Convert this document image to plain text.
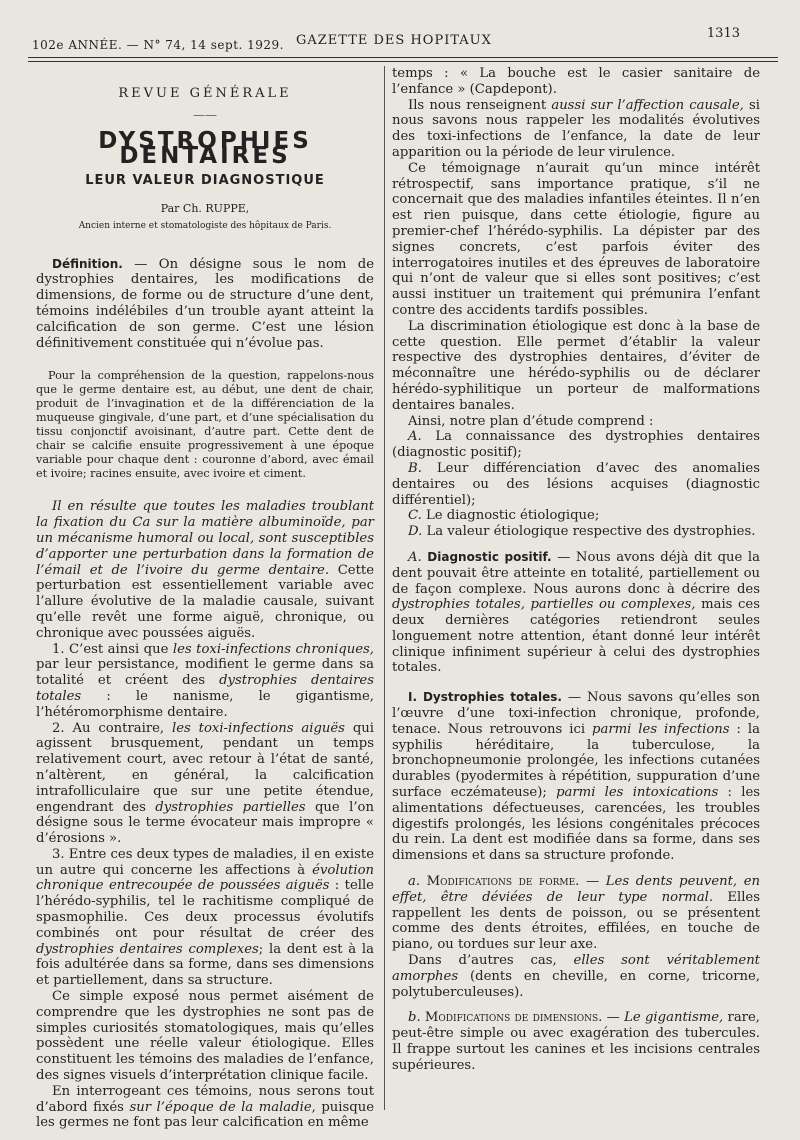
102e ANNÉE. — N° 74, 14 sept. 1929. GAZETTE DES HOPITAUX	1313
REVUE GÉNÉRALE
——
DYSTROPHIES DENTAIRES
LEUR VALEUR DIAGNOSTIQUE
Par Ch. RUPPE,
Ancien interne et stomatologiste des hôpitaux de Paris.

Définition. — On désigne sous le nom de dystrophies dentaires, les modifications de dimensions, de forme ou de structure d’une dent, témoins indélébiles d’un trouble ayant atteint la calcification de son germe. C’est une lésion définitivement constituée qui n’évolue pas.

Pour la compréhension de la question, rappelons-nous que le germe dentaire est, au début, une dent de chair, produit de l’invagination et de la différenciation de la muqueuse gingivale, d’une part, et d’une spécialisation du tissu conjonctif avoisinant, d’autre part. Cette dent de chair se calcifie ensuite progressivement à une époque variable pour chaque dent : couronne d’abord, avec émail et ivoire; racines ensuite, avec ivoire et ciment.

Il en résulte que toutes les maladies troublant la fixation du Ca sur la matière albuminoïde, par un mécanisme humoral ou local, sont susceptibles d’apporter une perturbation dans la formation de l’émail et de l’ivoire du germe dentaire. Cette perturbation est essentiellement variable avec l’allure évolutive de la maladie causale, suivant qu’elle revêt une forme aiguë, chronique, ou chronique avec poussées aiguës.

1. C’est ainsi que les toxi-infections chroniques, par leur persistance, modifient le germe dans sa totalité et créent des dystrophies dentaires totales : le nanisme, le gigantisme, l’hétéromorphisme dentaire.

2. Au contraire, les toxi-infections aiguës qui agissent brusquement, pendant un temps relativement court, avec retour à l’état de santé, n’altèrent, en général, la calcification intrafolliculaire que sur une petite étendue, engendrant des dystrophies partielles que l’on désigne sous le terme évocateur mais impropre « d’érosions ».

3. Entre ces deux types de maladies, il en existe un autre qui concerne les affections à évolution chronique entrecoupée de poussées aiguës : telle l’hérédo-syphilis, tel le rachitisme compliqué de spasmophilie. Ces deux processus évolutifs combinés ont pour résultat de créer des dystrophies dentaires complexes; la dent est à la fois adultérée dans sa forme, dans ses dimensions et partiellement, dans sa structure.

Ce simple exposé nous permet aisément de comprendre que les dystrophies ne sont pas de simples curiosités stomatologiques, mais qu’elles possèdent une réelle valeur étiologique. Elles constituent les témoins des maladies de l’enfance, des signes visuels d’interprétation clinique facile.

En interrogeant ces témoins, nous serons tout d’abord fixés sur l’époque de la maladie, puisque les germes ne font pas leur calcification en même

temps : « La bouche est le casier sanitaire de l’enfance » (Capdepont).

Ils nous renseignent aussi sur l’affection causale, si nous savons nous rappeler les modalités évolutives des toxi-infections de l’enfance, la date de leur apparition ou la période de leur virulence.

Ce témoignage n’aurait qu’un mince intérêt rétrospectif, sans importance pratique, s’il ne concernait que des maladies infantiles éteintes. Il n’en est rien puisque, dans cette étiologie, figure au premier-chef l’hérédo-syphilis. La dépister par des signes concrets, c’est parfois éviter des interrogatoires inutiles et des épreuves de laboratoire qui n’ont de valeur que si elles sont positives; c’est aussi instituer un traitement qui prémunira l’enfant contre des accidents tardifs possibles.

La discrimination étiologique est donc à la base de cette question. Elle permet d’établir la valeur respective des dystrophies dentaires, d’éviter de méconnaître une hérédo-syphilis ou de déclarer hérédo-syphilitique un porteur de malformations dentaires banales.

Ainsi, notre plan d’étude comprend :

A. La connaissance des dystrophies dentaires (diagnostic positif);

B. Leur différenciation d’avec des anomalies dentaires ou des lésions acquises (diagnostic différentiel);

C. Le diagnostic étiologique;

D. La valeur étiologique respective des dystrophies.

A. Diagnostic positif. — Nous avons déjà dit que la dent pouvait être atteinte en totalité, partiellement ou de façon complexe. Nous aurons donc à décrire des dystrophies totales, partielles ou complexes, mais ces deux dernières catégories retiendront seules longuement notre attention, étant donné leur intérêt clinique infiniment supérieur à celui des dystrophies totales.

I. Dystrophies totales. — Nous savons qu’elles son l’œuvre d’une toxi-infection chronique, profonde, tenace. Nous retrouvons ici parmi les infections : la syphilis héréditaire, la tuberculose, la bronchopneumonie prolongée, les infections cutanées durables (pyodermites à répétition, suppuration d’une surface eczémateuse); parmi les intoxications : les alimentations défectueuses, carencées, les troubles digestifs prolongés, les lésions congénitales précoces du rein. La dent est modifiée dans sa forme, dans ses dimensions et dans sa structure profonde.

a. Modifications de forme. — Les dents peuvent, en effet, être déviées de leur type normal. Elles rappellent les dents de poisson, ou se présentent comme des dents étroites, effilées, en touche de piano, ou tordues sur leur axe.

Dans d’autres cas, elles sont véritablement amorphes (dents en cheville, en corne, tricorne, polytuberculeuses).

b. Modifications de dimensions. — Le gigantisme, rare, peut-être simple ou avec exagération des tubercules. Il frappe surtout les canines et les incisions centrales supérieures.
